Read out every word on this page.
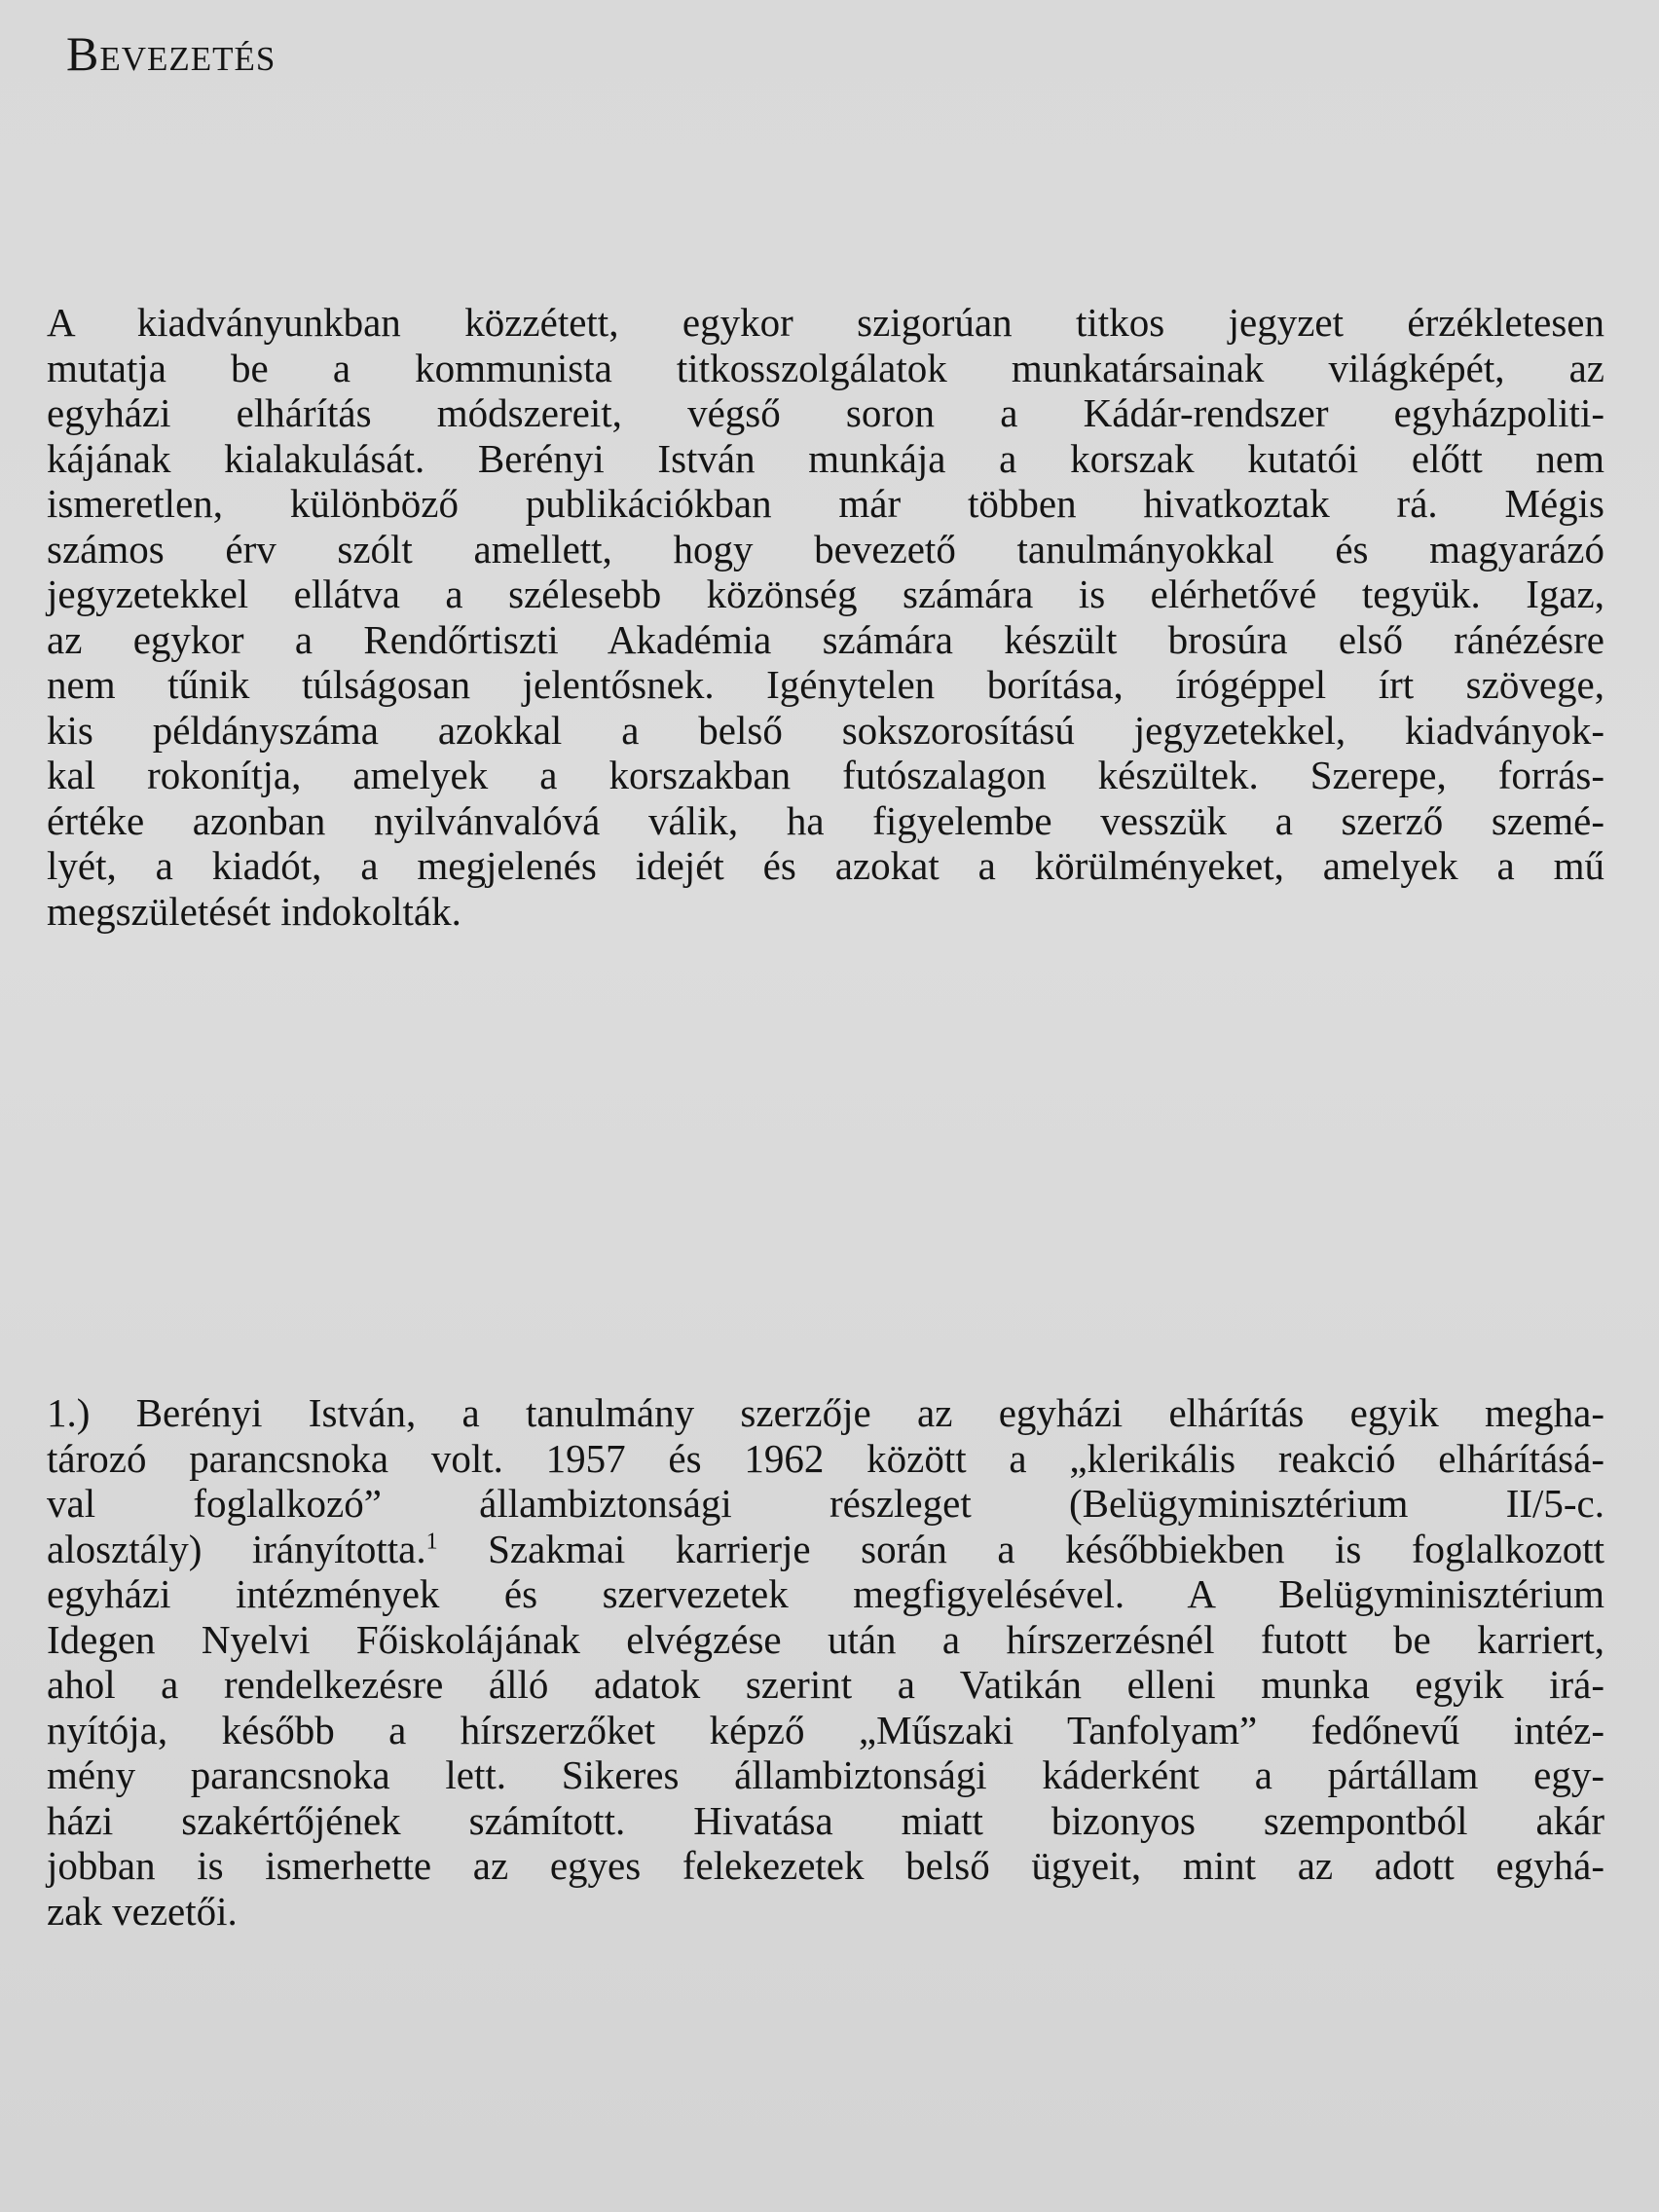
Bevezetés
A kiadványunkban közzétett, egykor szigorúan titkos jegyzet érzékletesen
mutatja be a kommunista titkosszolgálatok munkatársainak világképét, az
egyházi elhárítás módszereit, végső soron a Kádár-rendszer egyházpoliti-
kájának kialakulását. Berényi István munkája a korszak kutatói előtt nem
ismeretlen, különböző publikációkban már többen hivatkoztak rá. Mégis
számos érv szólt amellett, hogy bevezető tanulmányokkal és magyarázó
jegyzetekkel ellátva a szélesebb közönség számára is elérhetővé tegyük. Igaz,
az egykor a Rendőrtiszti Akadémia számára készült brosúra első ránézésre
nem tűnik túlságosan jelentősnek. Igénytelen borítása, írógéppel írt szövege,
kis példányszáma azokkal a belső sokszorosítású jegyzetekkel, kiadványok-
kal rokonítja, amelyek a korszakban futószalagon készültek. Szerepe, forrás-
értéke azonban nyilvánvalóvá válik, ha figyelembe vesszük a szerző szemé-
lyét, a kiadót, a megjelenés idejét és azokat a körülményeket, amelyek a mű
megszületését indokolták.
1.) Berényi István, a tanulmány szerzője az egyházi elhárítás egyik megha-
tározó parancsnoka volt. 1957 és 1962 között a „klerikális reakció elhárításá-
val foglalkozó” állambiztonsági részleget (Belügyminisztérium II/5-c.
alosztály) irányította.$^1$ Szakmai karrierje során a későbbiekben is foglalkozott
egyházi intézmények és szervezetek megfigyelésével. A Belügyminisztérium
Idegen Nyelvi Főiskolájának elvégzése után a hírszerzésnél futott be karriert,
ahol a rendelkezésre álló adatok szerint a Vatikán elleni munka egyik irá-
nyítója, később a hírszerzőket képző „Műszaki Tanfolyam” fedőnevű intéz-
mény parancsnoka lett. Sikeres állambiztonsági káderként a pártállam egy-
házi szakértőjének számított. Hivatása miatt bizonyos szempontból akár
jobban is ismerhette az egyes felekezetek belső ügyeit, mint az adott egyhá-
zak vezetői.
